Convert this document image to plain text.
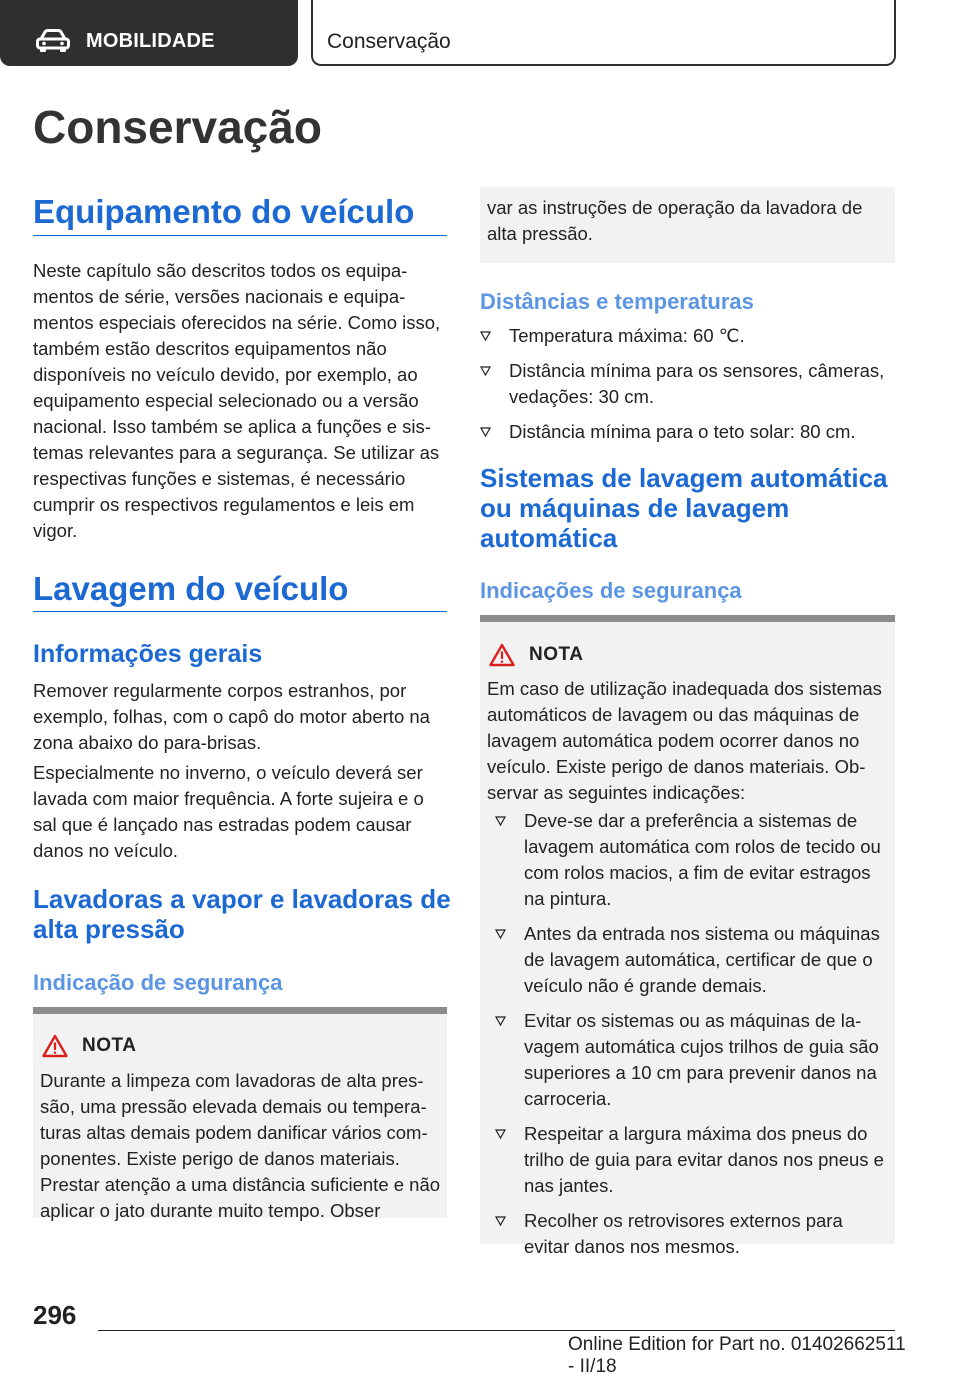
MOBILIDADE	Conservação
Conservação
Equipamento do veículo
Neste capítulo são descritos todos os equipamentos de série, versões nacionais e equipamentos especiais oferecidos na série. Como isso, também estão descritos equipamentos não disponíveis no veículo devido, por exemplo, ao equipamento especial selecionado ou a versão nacional. Isso também se aplica a funções e sistemas relevantes para a segurança. Se utilizar as respectivas funções e sistemas, é necessário cumprir os respectivos regulamentos e leis em vigor.
Lavagem do veículo
Informações gerais
Remover regularmente corpos estranhos, por exemplo, folhas, com o capô do motor aberto na zona abaixo do para-brisas.
Especialmente no inverno, o veículo deverá ser lavada com maior frequência. A forte sujeira e o sal que é lançado nas estradas podem causar danos no veículo.
Lavadoras a vapor e lavadoras de alta pressão
Indicação de segurança
NOTA
Durante a limpeza com lavadoras de alta pressão, uma pressão elevada demais ou temperaturas altas demais podem danificar vários componentes. Existe perigo de danos materiais. Prestar atenção a uma distância suficiente e não aplicar o jato durante muito tempo. Obser
var as instruções de operação da lavadora de alta pressão.
Distâncias e temperaturas
Temperatura máxima: 60 ℃.
Distância mínima para os sensores, câmeras, vedações: 30 cm.
Distância mínima para o teto solar: 80 cm.
Sistemas de lavagem automática ou máquinas de lavagem automática
Indicações de segurança
NOTA
Em caso de utilização inadequada dos sistemas automáticos de lavagem ou das máquinas de lavagem automática podem ocorrer danos no veículo. Existe perigo de danos materiais. Observar as seguintes indicações:
Deve-se dar a preferência a sistemas de lavagem automática com rolos de tecido ou com rolos macios, a fim de evitar estragos na pintura.
Antes da entrada nos sistema ou máquinas de lavagem automática, certificar de que o veículo não é grande demais.
Evitar os sistemas ou as máquinas de lavagem automática cujos trilhos de guia são superiores a 10 cm para prevenir danos na carroceria.
Respeitar a largura máxima dos pneus do trilho de guia para evitar danos nos pneus e nas jantes.
Recolher os retrovisores externos para evitar danos nos mesmos.
296
Online Edition for Part no. 01402662511 - II/18
